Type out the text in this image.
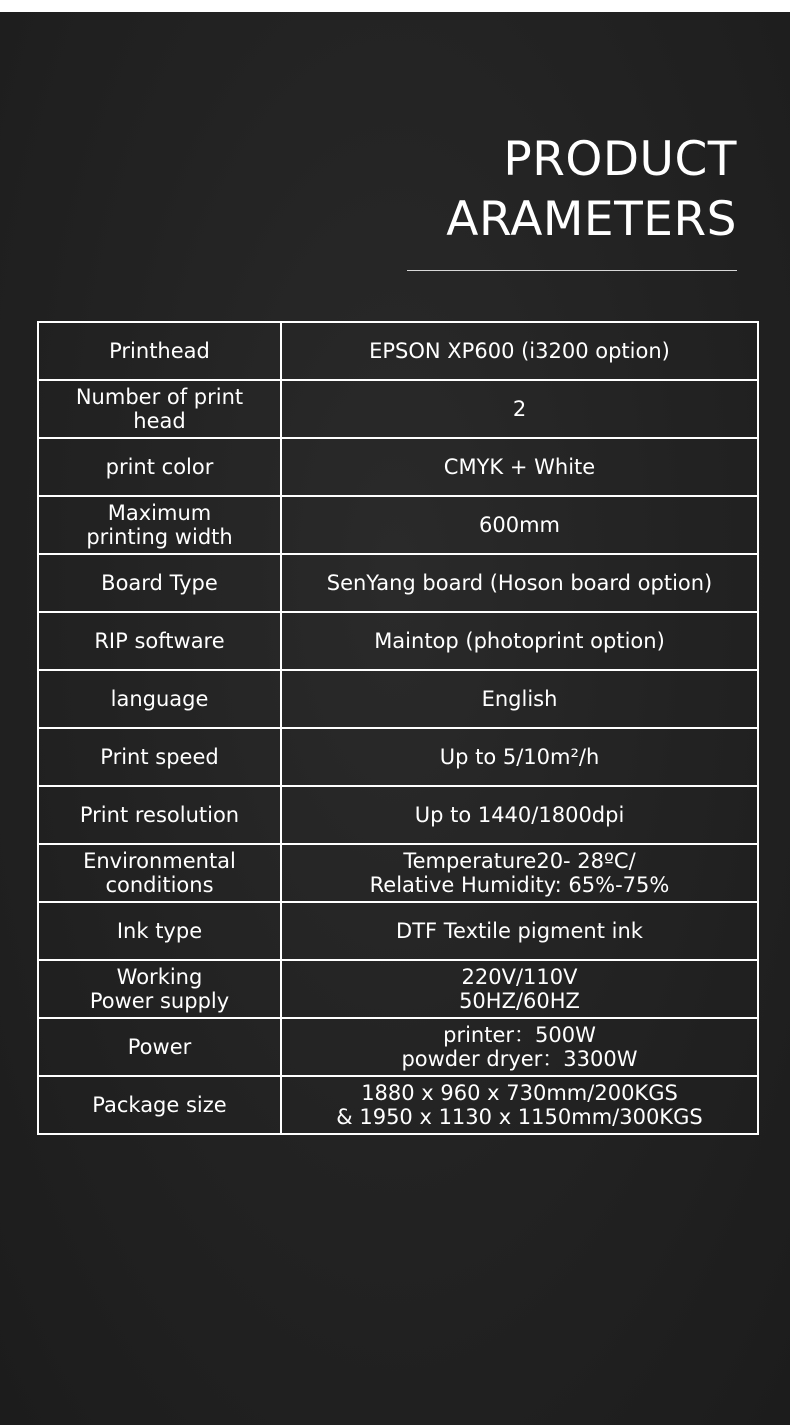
PRODUCT
ARAMETERS
Printhead	EPSON XP600 (i3200 option)

Number of print
head	2

print color	CMYK + White

Maximum
printing width	600mm

Board Type	SenYang board (Hoson board option)

RIP software	Maintop (photoprint option)

language	English

Print speed	Up to 5/10m²/h

Print resolution	Up to 1440/1800dpi

Environmental
conditions	Temperature20- 28ºC/
Relative Humidity: 65%-75%

Ink type	DTF Textile pigment ink

Working
Power supply	220V/110V
50HZ/60HZ

Power	printer：500W
powder dryer：3300W

Package size	1880 x 960 x 730mm/200KGS
& 1950 x 1130 x 1150mm/300KGS
